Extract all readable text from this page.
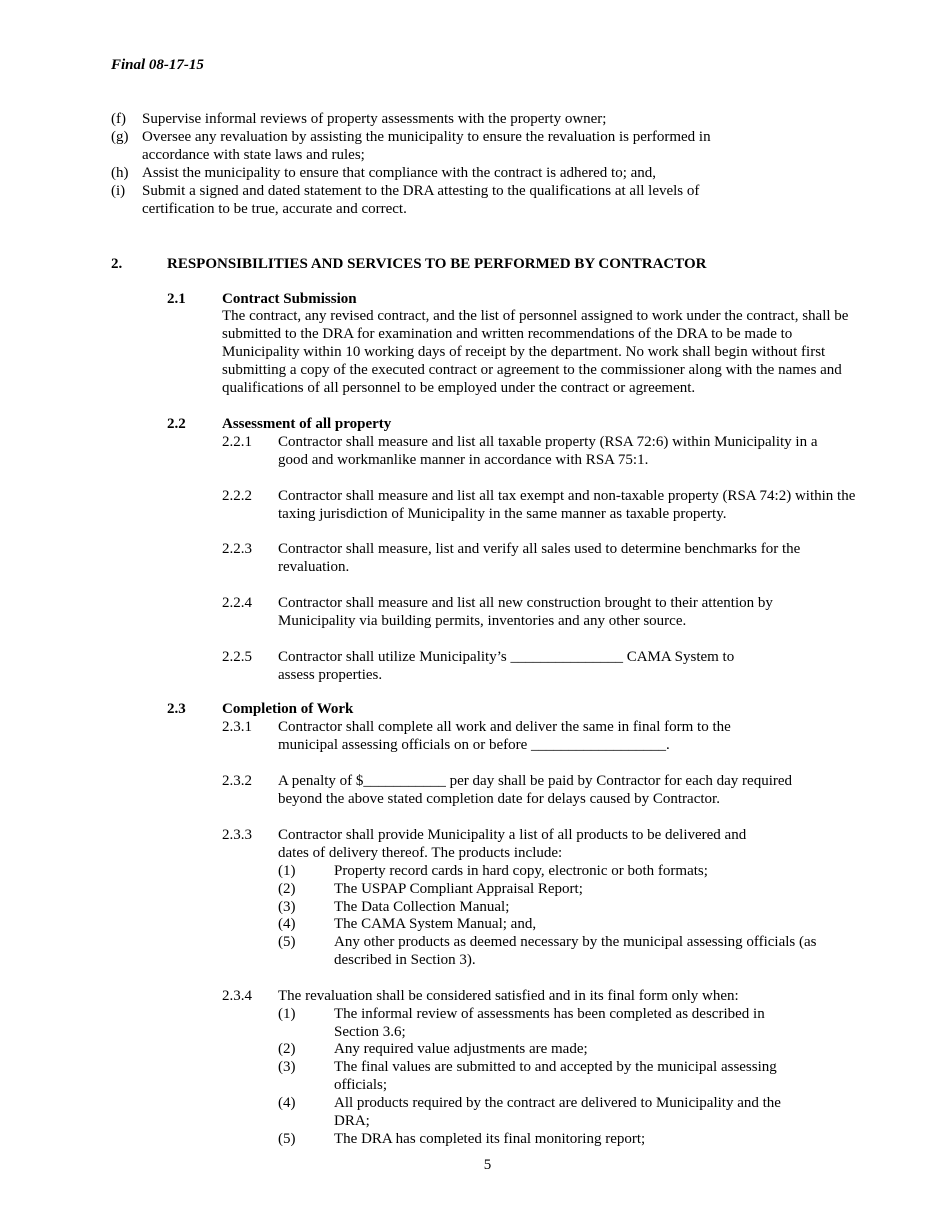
Final 08-17-15
(f) Supervise informal reviews of property assessments with the property owner;
(g) Oversee any revaluation by assisting the municipality to ensure the revaluation is performed in accordance with state laws and rules;
(h) Assist the municipality to ensure that compliance with the contract is adhered to; and,
(i) Submit a signed and dated statement to the DRA attesting to the qualifications at all levels of certification to be true, accurate and correct.
2.	RESPONSIBILITIES AND SERVICES TO BE PERFORMED BY CONTRACTOR
2.1 Contract Submission
The contract, any revised contract, and the list of personnel assigned to work under the contract, shall be submitted to the DRA for examination and written recommendations of the DRA to be made to Municipality within 10 working days of receipt by the department. No work shall begin without first submitting a copy of the executed contract or agreement to the commissioner along with the names and qualifications of all personnel to be employed under the contract or agreement.
2.2 Assessment of all property
2.2.1 Contractor shall measure and list all taxable property (RSA 72:6) within Municipality in a good and workmanlike manner in accordance with RSA 75:1.
2.2.2 Contractor shall measure and list all tax exempt and non-taxable property (RSA 74:2) within the taxing jurisdiction of Municipality in the same manner as taxable property.
2.2.3 Contractor shall measure, list and verify all sales used to determine benchmarks for the revaluation.
2.2.4 Contractor shall measure and list all new construction brought to their attention by Municipality via building permits, inventories and any other source.
2.2.5 Contractor shall utilize Municipality’s _______________ CAMA System to
assess properties.
2.3 Completion of Work
2.3.1 Contractor shall complete all work and deliver the same in final form to the
municipal assessing officials on or before __________________.
2.3.2 A penalty of $___________ per day shall be paid by Contractor for each day required
beyond the above stated completion date for delays caused by Contractor.
2.3.3 Contractor shall provide Municipality a list of all products to be delivered and
dates of delivery thereof. The products include:
(1)	Property record cards in hard copy, electronic or both formats;
(2)	The USPAP Compliant Appraisal Report;
(3)	The Data Collection Manual;
(4)	The CAMA System Manual; and,
(5)	Any other products as deemed necessary by the municipal assessing officials (as described in Section 3).
2.3.4 The revaluation shall be considered satisfied and in its final form only when:
(1)	The informal review of assessments has been completed as described in Section 3.6;
(2)	Any required value adjustments are made;
(3)	The final values are submitted to and accepted by the municipal assessing officials;
(4)	All products required by the contract are delivered to Municipality and the DRA;
(5)	The DRA has completed its final monitoring report;
5
